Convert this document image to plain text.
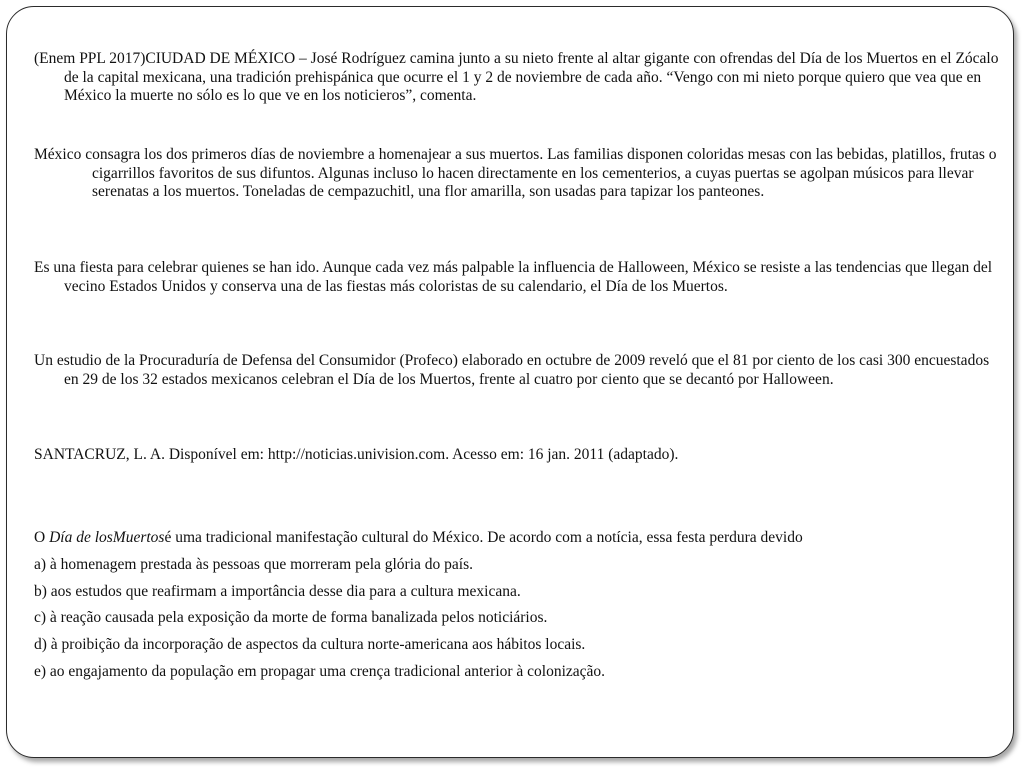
(Enem PPL 2017)CIUDAD DE MÉXICO – José Rodríguez camina junto a su nieto frente al altar gigante con ofrendas del Día de los Muertos en el Zócalo de la capital mexicana, una tradición prehispánica que ocurre el 1 y 2 de noviembre de cada año. “Vengo con mi nieto porque quiero que vea que en México la muerte no sólo es lo que ve en los noticieros”, comenta.

México consagra los dos primeros días de noviembre a homenajear a sus muertos. Las familias disponen coloridas mesas con las bebidas, platillos, frutas o cigarrillos favoritos de sus difuntos. Algunas incluso lo hacen directamente en los cementerios, a cuyas puertas se agolpan músicos para llevar serenatas a los muertos. Toneladas de cempazuchitl, una flor amarilla, son usadas para tapizar los panteones.

Es una fiesta para celebrar quienes se han ido. Aunque cada vez más palpable la influencia de Halloween, México se resiste a las tendencias que llegan del vecino Estados Unidos y conserva una de las fiestas más coloristas de su calendario, el Día de los Muertos.

Un estudio de la Procuraduría de Defensa del Consumidor (Profeco) elaborado en octubre de 2009 reveló que el 81 por ciento de los casi 300 encuestados en 29 de los 32 estados mexicanos celebran el Día de los Muertos, frente al cuatro por ciento que se decantó por Halloween.

SANTACRUZ, L. A. Disponível em: http://noticias.univision.com. Acesso em: 16 jan. 2011 (adaptado).

O Día de losMuertosé uma tradicional manifestação cultural do México. De acordo com a notícia, essa festa perdura devido

a) à homenagem prestada às pessoas que morreram pela glória do país.

b) aos estudos que reafirmam a importância desse dia para a cultura mexicana.

c) à reação causada pela exposição da morte de forma banalizada pelos noticiários.

d) à proibição da incorporação de aspectos da cultura norte-americana aos hábitos locais.

e) ao engajamento da população em propagar uma crença tradicional anterior à colonização.
